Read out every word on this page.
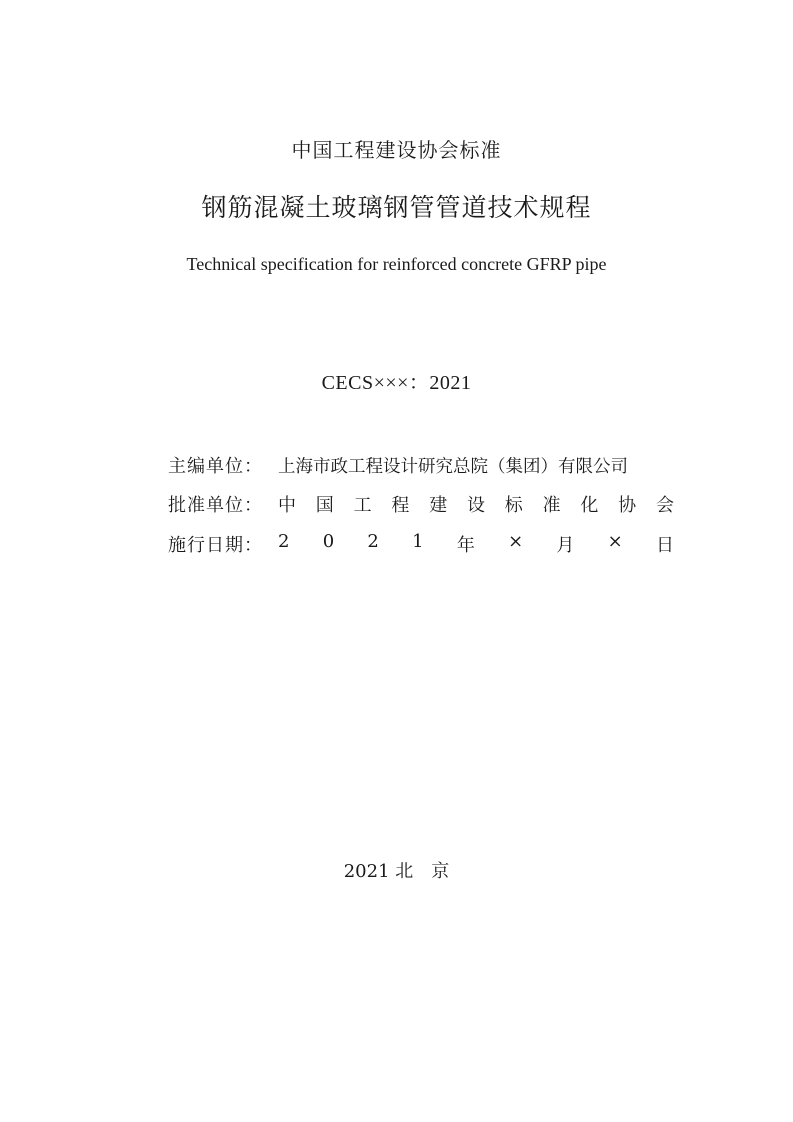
中国工程建设协会标准
钢筋混凝土玻璃钢管管道技术规程
Technical specification for reinforced concrete GFRP pipe
CECS×××：2021
主编单位： 上海市政工程设计研究总院（集团）有限公司
批准单位： 中 国 工 程 建 设 标 准 化 协 会
施行日期： 2 0 2 1 年 × 月 × 日
2021 北　京
